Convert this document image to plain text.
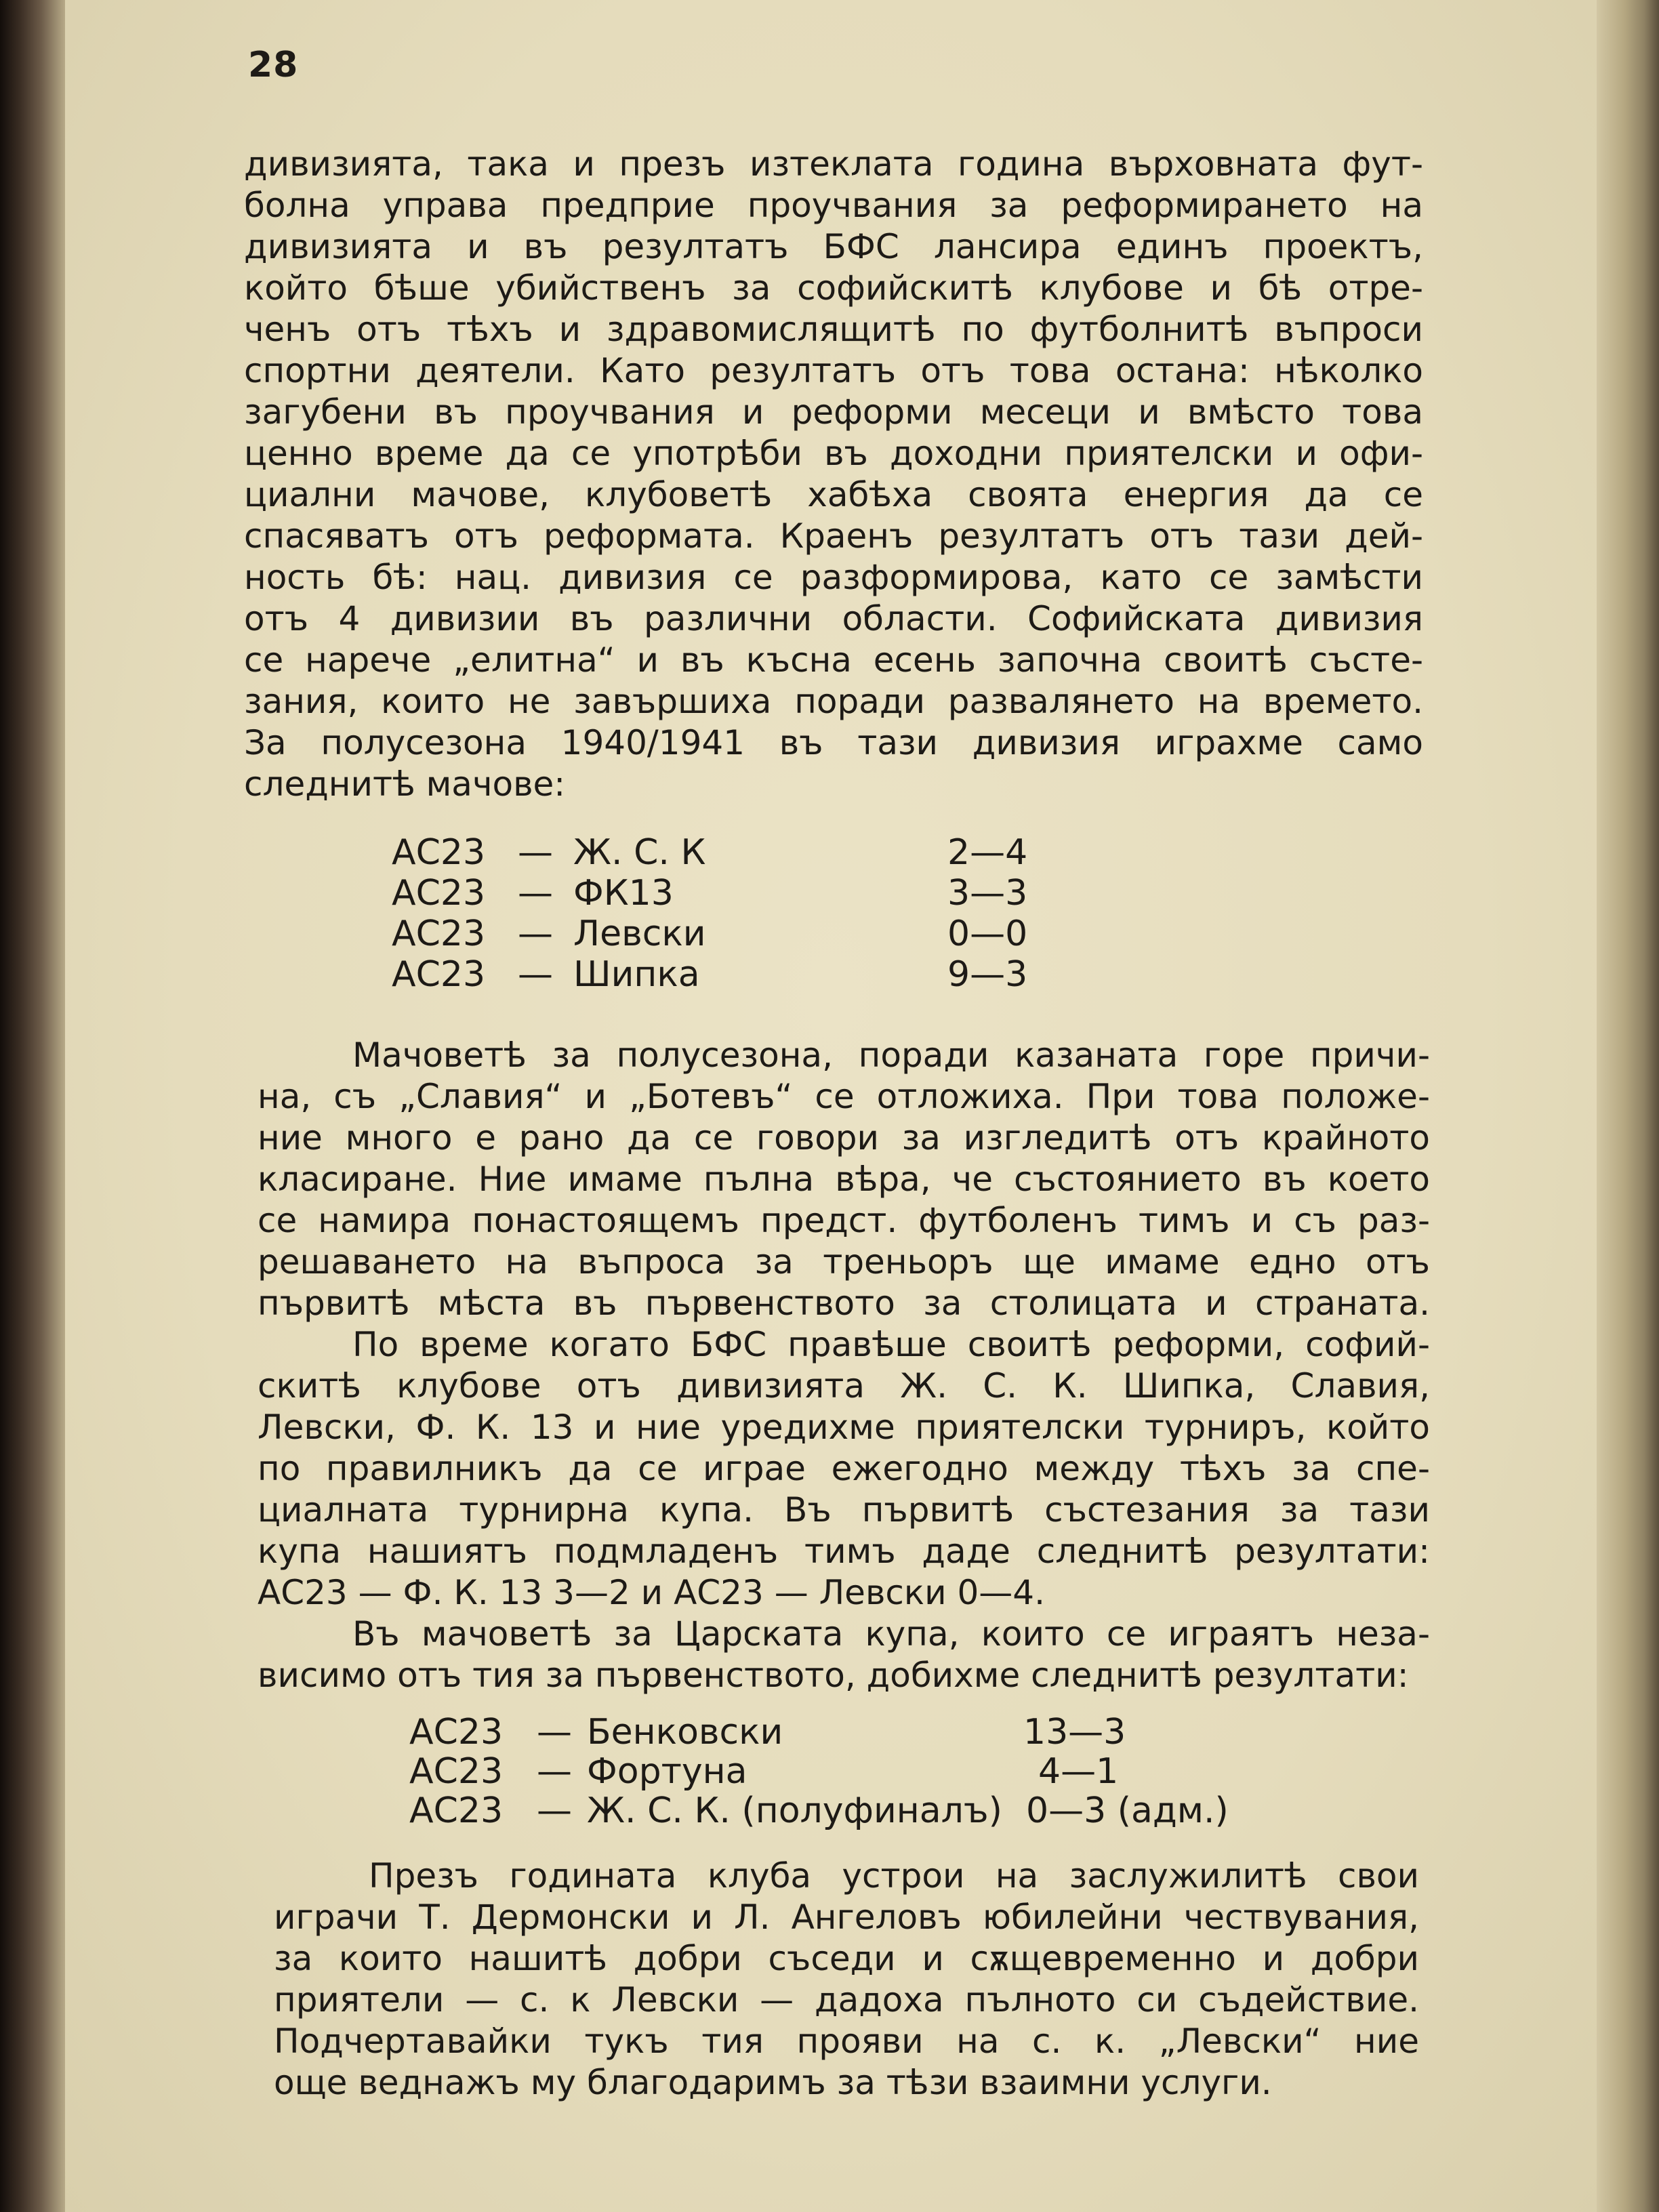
28
дивизията, така и презъ изтеклата година върховната фут-
болна управа предприе проучвания за реформирането на
дивизията и въ резултатъ БФС лансира единъ проектъ,
който бѣше убийственъ за софийскитѣ клубове и бѣ отре-
ченъ отъ тѣхъ и здравомислящитѣ по футболнитѣ въпроси
спортни деятели. Като резултатъ отъ това остана: нѣколко
загубени въ проучвания и реформи месеци и вмѣсто това
ценно време да се употрѣби въ доходни приятелски и офи-
циални мачове, клубоветѣ хабѣха своята енергия да се
спасяватъ отъ реформата. Краенъ резултатъ отъ тази дей-
ность бѣ: нац. дивизия се разформирова, като се замѣсти
отъ 4 дивизии въ различни области. Софийската дивизия
се нарече „елитна“ и въ късна есень започна своитѣ състе-
зания, които не завършиха поради развалянето на времето.
За полусезона 1940/1941 въ тази дивизия играхме само
следнитѣ мачове:
АС23 — Ж. С. К	2—4
АС23 — ФК13	3—3
АС23 — Левски	0—0
АС23 — Шипка	9—3
Мачоветѣ за полусезона, поради казаната горе причи-
на, съ „Славия“ и „Ботевъ“ се отложиха. При това положе-
ние много е рано да се говори за изгледитѣ отъ крайното
класиране. Ние имаме пълна вѣра, че състоянието въ което
се намира понастоящемъ предст. футболенъ тимъ и съ раз-
решаването на въпроса за треньоръ ще имаме едно отъ
първитѣ мѣста въ първенството за столицата и страната.
По време когато БФС правѣше своитѣ реформи, софий-
скитѣ клубове отъ дивизията Ж. С. К. Шипка, Славия,
Левски, Ф. К. 13 и ние уредихме приятелски турниръ, който
по правилникъ да се играе ежегодно между тѣхъ за спе-
циалната турнирна купа. Въ първитѣ състезания за тази
купа нашиятъ подмладенъ тимъ даде следнитѣ резултати:
АС23 — Ф. К. 13 3—2 и АС23 — Левски 0—4.
Въ мачоветѣ за Царската купа, които се играятъ неза-
висимо отъ тия за първенството, добихме следнитѣ резултати:
АС23 — Бенковски	13—3
АС23 — Фортуна	4—1
АС23 — Ж. С. К. (полуфиналъ) 0—3 (адм.)
Презъ годината клуба устрои на заслужилитѣ свои
играчи Т. Дермонски и Л. Ангеловъ юбилейни чествувания,
за които нашитѣ добри съседи и сѫщевременно и добри
приятели — с. к Левски — дадоха пълното си съдействие.
Подчертавайки тукъ тия прояви на с. к. „Левски“ ние
още веднажъ му благодаримъ за тѣзи взаимни услуги.
